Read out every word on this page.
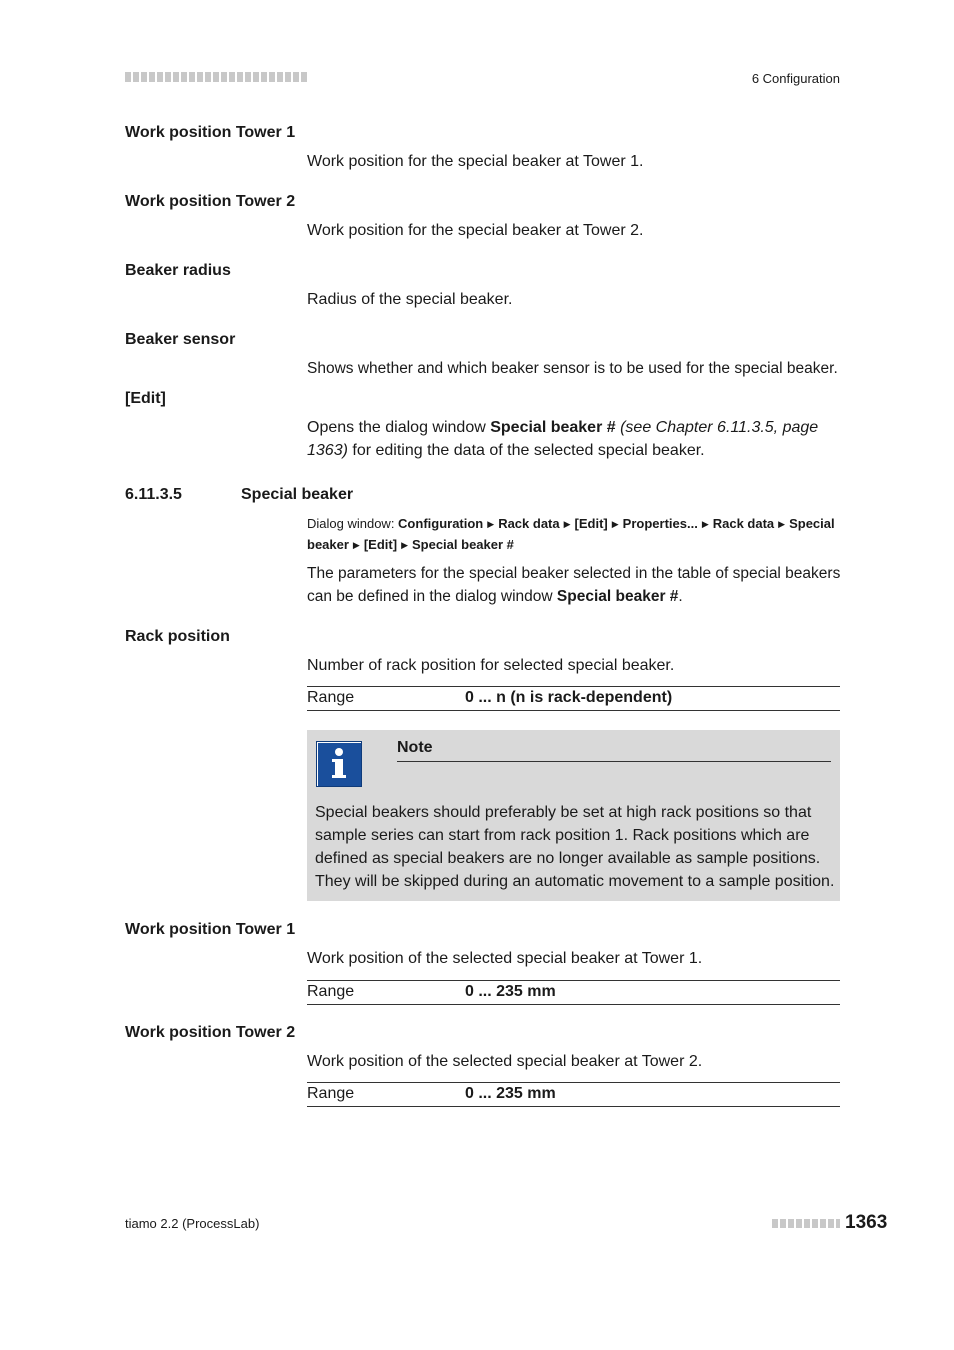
6 Configuration
Work position Tower 1
Work position for the special beaker at Tower 1.
Work position Tower 2
Work position for the special beaker at Tower 2.
Beaker radius
Radius of the special beaker.
Beaker sensor
Shows whether and which beaker sensor is to be used for the special beaker.
[Edit]
Opens the dialog window Special beaker # (see Chapter 6.11.3.5, page 1363) for editing the data of the selected special beaker.
6.11.3.5	Special beaker
Dialog window: Configuration ▶ Rack data ▶ [Edit] ▶ Properties... ▶ Rack data ▶ Special beaker ▶ [Edit] ▶ Special beaker #
The parameters for the special beaker selected in the table of special beakers can be defined in the dialog window Special beaker #.
Rack position
Number of rack position for selected special beaker.
Range	0 ... n (n is rack-dependent)
Note
Special beakers should preferably be set at high rack positions so that sample series can start from rack position 1. Rack positions which are defined as special beakers are no longer available as sample positions. They will be skipped during an automatic movement to a sample position.
Work position Tower 1
Work position of the selected special beaker at Tower 1.
Range	0 ... 235 mm
Work position Tower 2
Work position of the selected special beaker at Tower 2.
Range	0 ... 235 mm
tiamo 2.2 (ProcessLab)	1363
